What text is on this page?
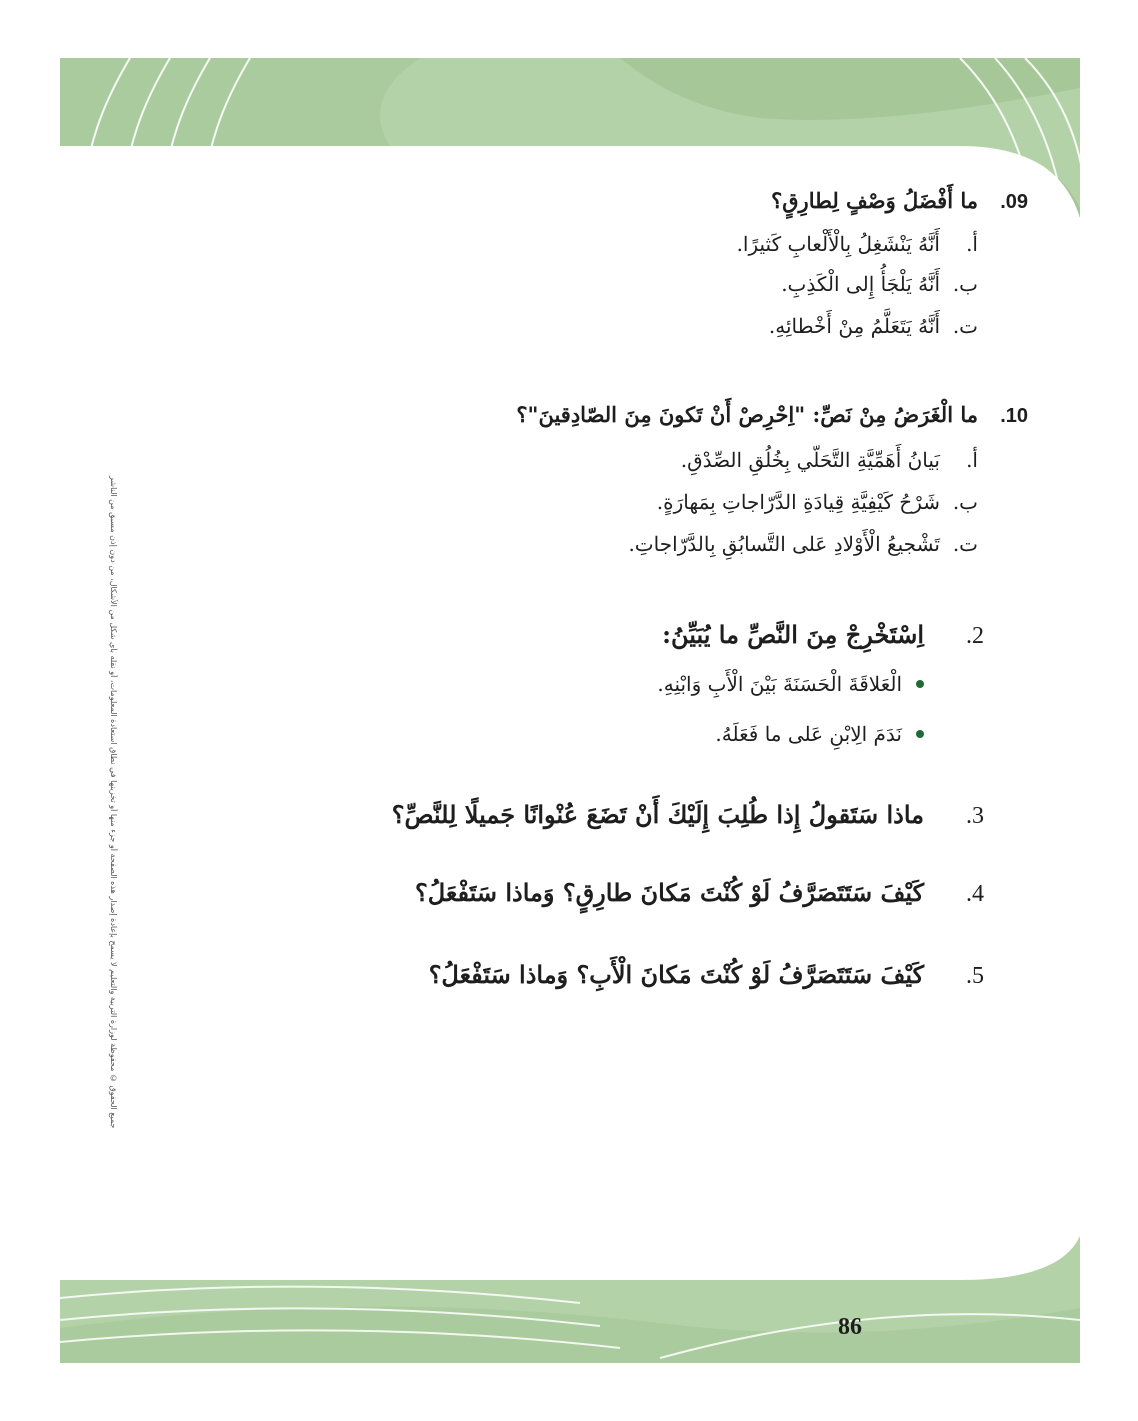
جميع الحقوق © محفوظة لوزارة التربية والتعليم لا يسمح بإعادة إصدار هذه الصفحة أو جزء منها أو تخزينها في نطاق استعادة المعلومات، أو نقله بأي شكل من الأشكال، من دون إذن مسبق من الناشر
09.
ما أَفْضَلُ وَصْفٍ لِطارِقٍ؟
أ.
أَنَّهُ يَنْشَغِلُ بِالْأَلْعابِ كَثيرًا.
ب.
أَنَّهُ يَلْجَأُ إِلى الْكَذِبِ.
ت.
أَنَّهُ يَتَعَلَّمُ مِنْ أَخْطائِهِ.
10.
ما الْغَرَضُ مِنْ نَصِّ: "اِحْرِصْ أَنْ تَكونَ مِنَ الصّادِقينَ"؟
أ.
بَيانُ أَهَمِّيَّةِ التَّحَلّي بِخُلُقِ الصِّدْقِ.
ب.
شَرْحُ كَيْفِيَّةِ قِيادَةِ الدَّرّاجاتِ بِمَهارَةٍ.
ت.
تَشْجيعُ الْأَوْلادِ عَلى التَّسابُقِ بِالدَّرّاجاتِ.
2.
اِسْتَخْرِجْ مِنَ النَّصِّ ما يُبَيِّنُ:
الْعَلاقَةَ الْحَسَنَةَ بَيْنَ الْأَبِ وَابْنِهِ.
نَدَمَ الِابْنِ عَلى ما فَعَلَهُ.
3.
ماذا سَتَقولُ إِذا طُلِبَ إِلَيْكَ أَنْ تَضَعَ عُنْوانًا جَميلًا لِلنَّصِّ؟
4.
كَيْفَ سَتَتَصَرَّفُ لَوْ كُنْتَ مَكانَ طارِقٍ؟ وَماذا سَتَفْعَلُ؟
5.
كَيْفَ سَتَتَصَرَّفُ لَوْ كُنْتَ مَكانَ الْأَبِ؟ وَماذا سَتَفْعَلُ؟
86
